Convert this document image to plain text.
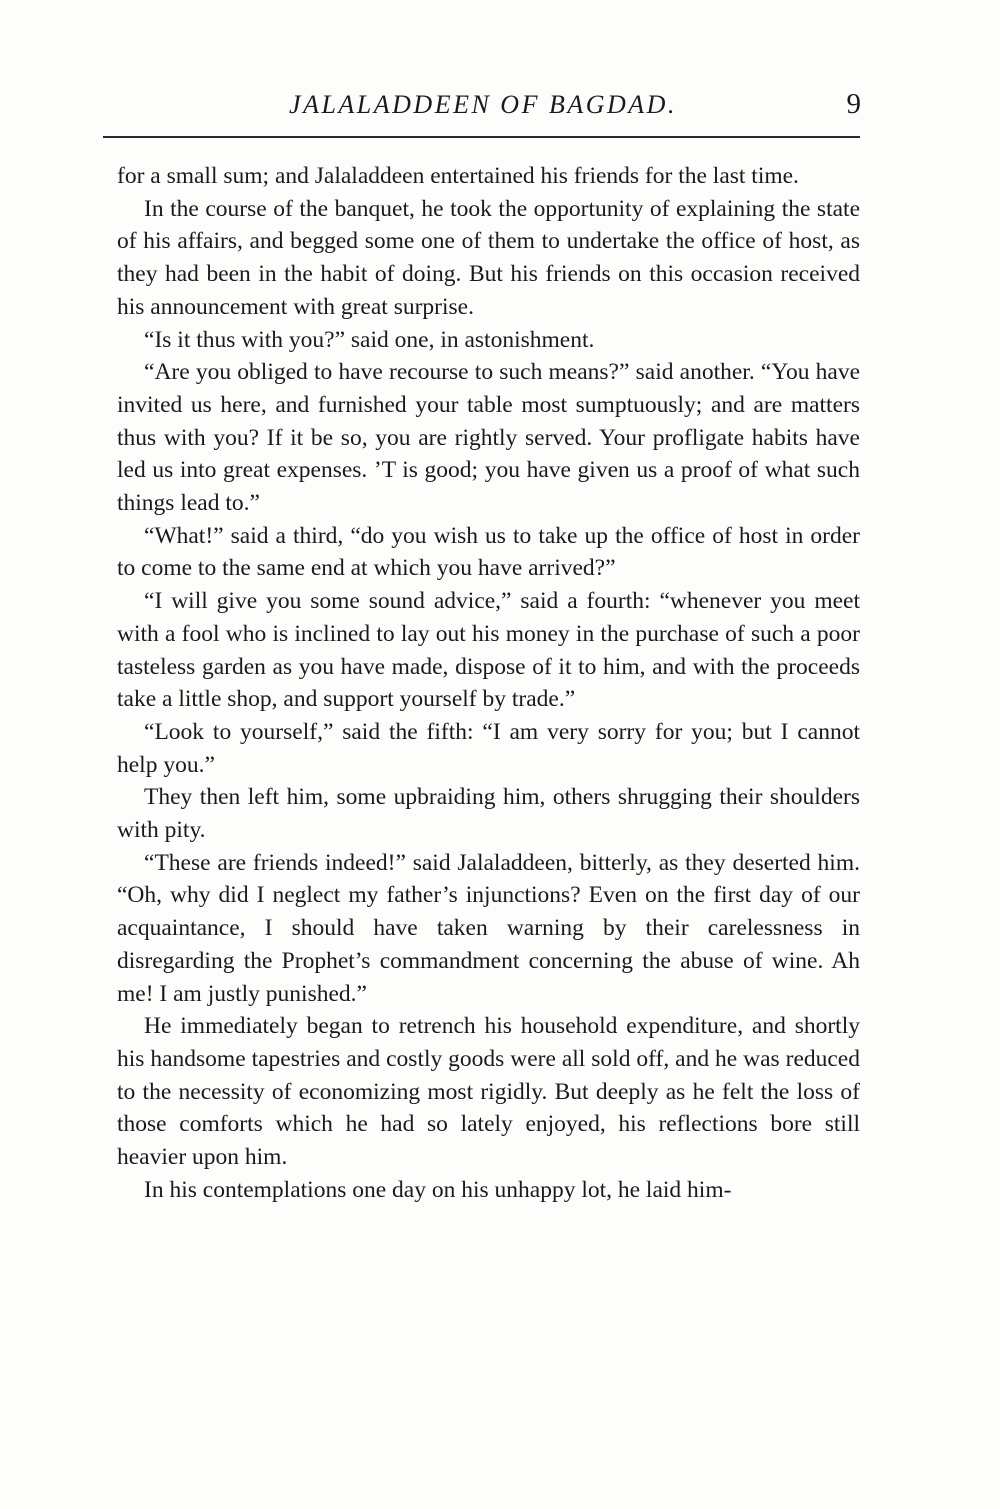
JALALADDEEN OF BAGDAD.	9

for a small sum; and Jalaladdeen entertained his friends for the last time.

In the course of the banquet, he took the opportunity of explaining the state of his affairs, and begged some one of them to undertake the office of host, as they had been in the habit of doing. But his friends on this occasion received his announcement with great surprise.

“Is it thus with you?” said one, in astonishment.

“Are you obliged to have recourse to such means?” said another. “You have invited us here, and furnished your table most sumptuously; and are matters thus with you? If it be so, you are rightly served. Your profligate habits have led us into great expenses. ’T is good; you have given us a proof of what such things lead to.”

“What!” said a third, “do you wish us to take up the office of host in order to come to the same end at which you have arrived?”

“I will give you some sound advice,” said a fourth: “whenever you meet with a fool who is inclined to lay out his money in the purchase of such a poor tasteless garden as you have made, dispose of it to him, and with the proceeds take a little shop, and support yourself by trade.”

“Look to yourself,” said the fifth: “I am very sorry for you; but I cannot help you.”

They then left him, some upbraiding him, others shrugging their shoulders with pity.

“These are friends indeed!” said Jalaladdeen, bitterly, as they deserted him. “Oh, why did I neglect my father’s injunctions? Even on the first day of our acquaintance, I should have taken warning by their carelessness in disregarding the Prophet’s commandment concerning the abuse of wine. Ah me! I am justly punished.”

He immediately began to retrench his household expenditure, and shortly his handsome tapestries and costly goods were all sold off, and he was reduced to the necessity of economizing most rigidly. But deeply as he felt the loss of those comforts which he had so lately enjoyed, his reflections bore still heavier upon him.

In his contemplations one day on his unhappy lot, he laid him-
